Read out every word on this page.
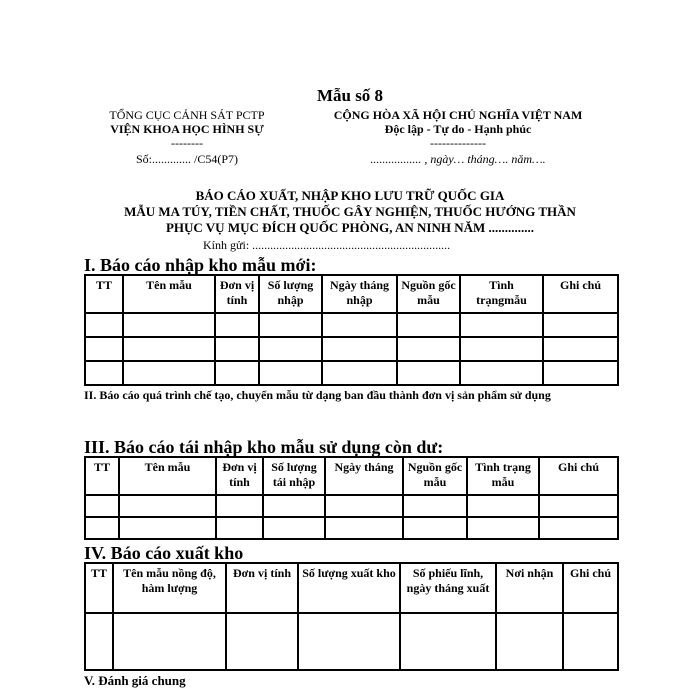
Mẫu số 8
TỔNG CỤC CẢNH SÁT PCTP
VIỆN KHOA HỌC HÌNH SỰ
--------
Số:............. /C54(P7)
CỘNG HÒA XÃ HỘI CHỦ NGHĨA VIỆT NAM
Độc lập - Tự do - Hạnh phúc
--------------
................. , ngày… tháng…. năm….
BÁO CÁO XUẤT, NHẬP KHO LƯU TRỮ QUỐC GIA
MẪU MA TÚY, TIỀN CHẤT, THUỐC GÂY NGHIỆN, THUỐC HƯỚNG THẦN
PHỤC VỤ MỤC ĐÍCH QUỐC PHÒNG, AN NINH NĂM ..............
Kính gửi: ..................................................................
I. Báo cáo nhập kho mẫu mới:
TT	Tên mẫu	Đơn vị tính	Số lượng nhập	Ngày tháng nhập	Nguồn gốc mẫu	Tình trạngmẫu	Ghi chú

II. Báo cáo quá trình chế tạo, chuyển mẫu từ dạng ban đầu thành đơn vị sản phẩm sử dụng
III. Báo cáo tái nhập kho mẫu sử dụng còn dư:
TT	Tên mẫu	Đơn vị tính	Số lượng tái nhập	Ngày tháng	Nguồn gốc mẫu	Tình trạng mẫu	Ghi chú

IV. Báo cáo xuất kho
TT	Tên mẫu nồng độ, hàm lượng	Đơn vị tính	Số lượng xuất kho	Số phiếu lĩnh, ngày tháng xuất	Nơi nhận	Ghi chú

V. Đánh giá chung
